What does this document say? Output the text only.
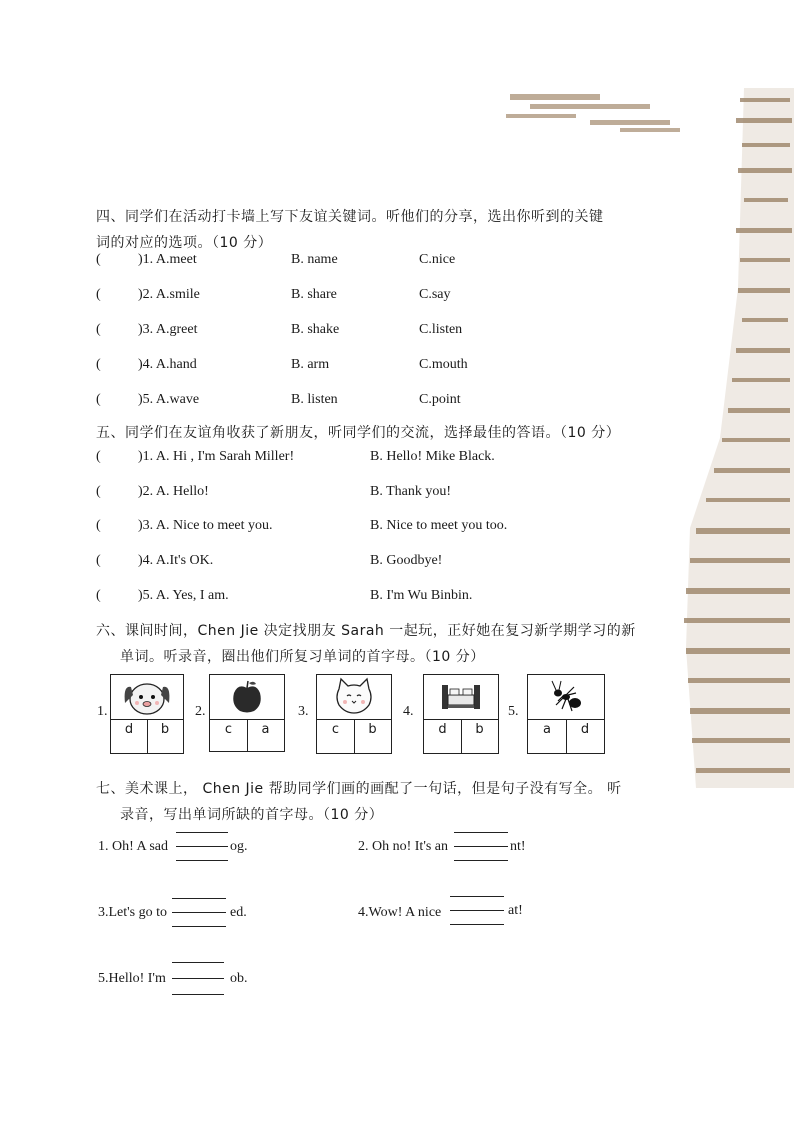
四、同学们在活动打卡墙上写下友谊关键词。听他们的分享，选出你听到的关键词的对应的选项。（10 分）
(	)1. A.meet	B. name	C.nice
(	)2. A.smile	B. share	C.say
(	)3. A.greet	B. shake	C.listen
(	)4. A.hand	B. arm	C.mouth
(	)5. A.wave	B. listen	C.point
五、同学们在友谊角收获了新朋友，听同学们的交流，选择最佳的答语。（10 分）
(	)1. A. Hi , I'm Sarah Miller!	B. Hello! Mike Black.
(	)2. A. Hello!	B. Thank you!
(	)3. A. Nice to meet you.	B. Nice to meet you too.
(	)4. A.It's OK.	B. Goodbye!
(	)5. A. Yes, I am.	B. I'm Wu Binbin.
六、课间时间，Chen Jie 决定找朋友 Sarah 一起玩，正好她在复习新学期学习的新
单词。听录音，圈出他们所复习单词的首字母。（10 分）
1.
d	b
2.
c	a
3.
c	b
4.
d	b
5.
a	d
七、美术课上， Chen Jie 帮助同学们画的画配了一句话，但是句子没有写全。 听
录音，写出单词所缺的首字母。（10 分）
1. Oh! A sad	og.	2. Oh no! It's an	nt!
3.Let's go to	ed.	4.Wow! A nice	at!
5.Hello! I'm	ob.
